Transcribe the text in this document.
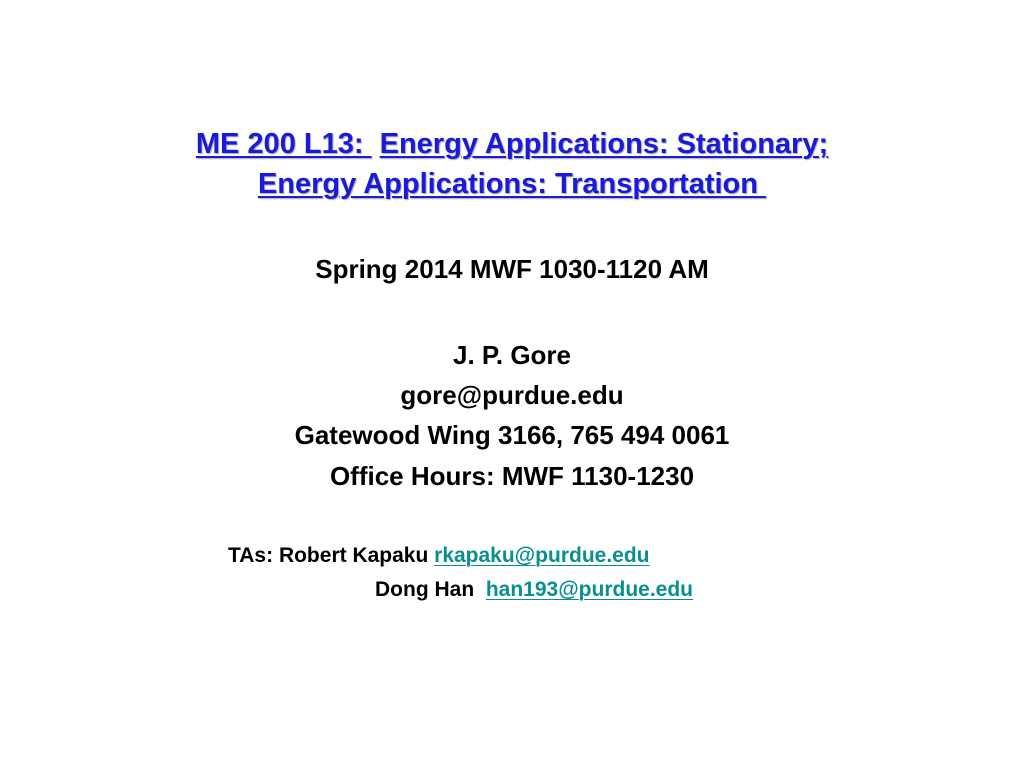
ME 200 L13:  Energy Applications: Stationary;
Energy Applications: Transportation
Spring 2014 MWF 1030-1120 AM
J. P. Gore
gore@purdue.edu
Gatewood Wing 3166, 765 494 0061
Office Hours: MWF 1130-1230
TAs: Robert Kapaku rkapaku@purdue.edu
Dong Han  han193@purdue.edu
